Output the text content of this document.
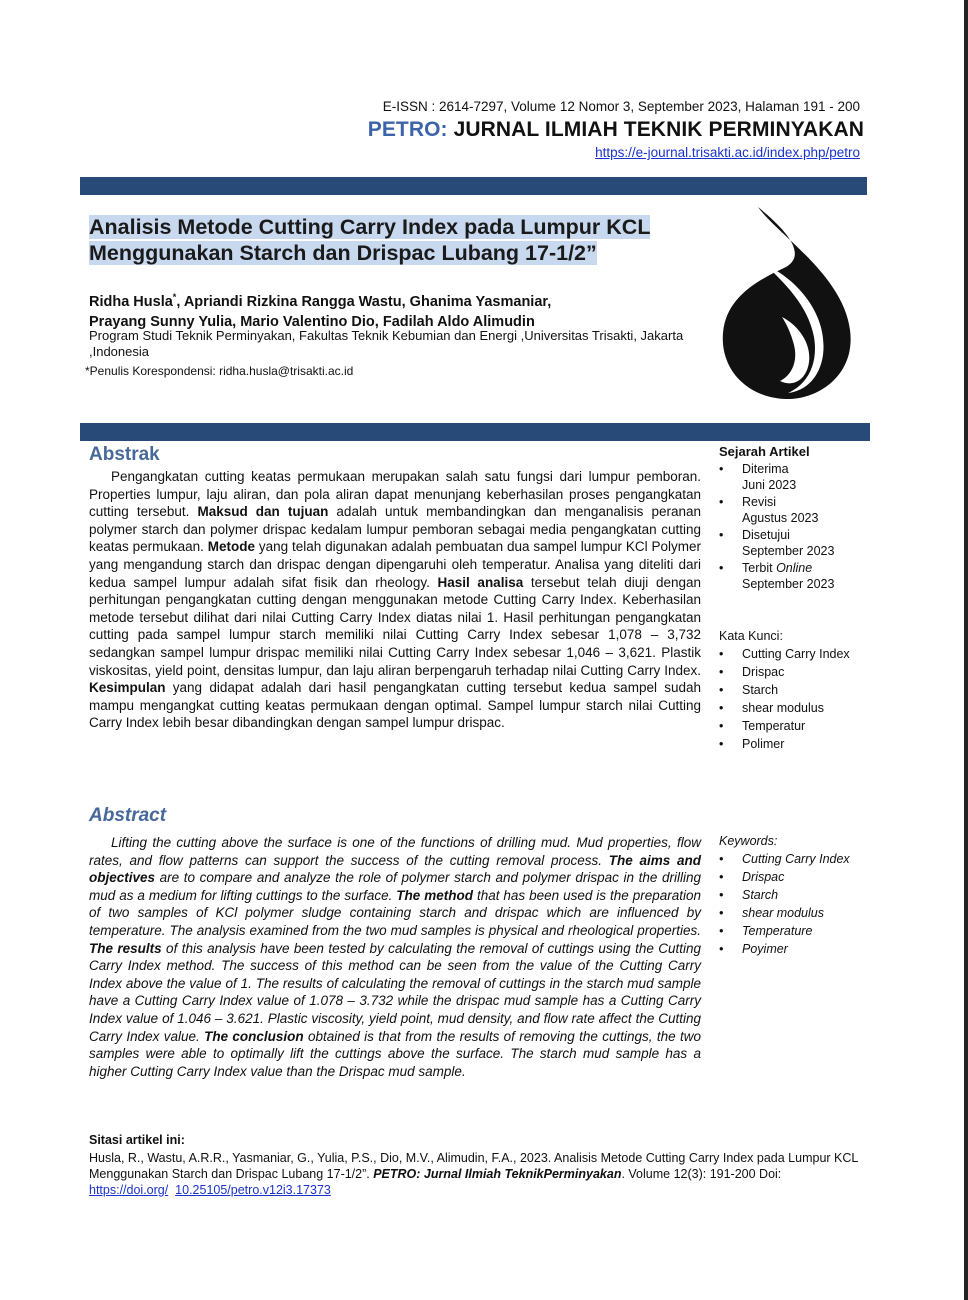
E-ISSN : 2614-7297, Volume 12 Nomor 3, September 2023, Halaman 191 - 200
PETRO: JURNAL ILMIAH TEKNIK PERMINYAKAN
https://e-journal.trisakti.ac.id/index.php/petro
Analisis Metode Cutting Carry Index pada Lumpur KCL
Menggunakan Starch dan Drispac Lubang 17-1/2”
Ridha Husla*, Apriandi Rizkina Rangga Wastu, Ghanima Yasmaniar,
Prayang Sunny Yulia, Mario Valentino Dio, Fadilah Aldo Alimudin
Program Studi Teknik Perminyakan, Fakultas Teknik Kebumian dan Energi ,Universitas Trisakti, Jakarta ,Indonesia
*Penulis Korespondensi: ridha.husla@trisakti.ac.id
Abstrak

Pengangkatan cutting keatas permukaan merupakan salah satu fungsi dari lumpur pemboran. Properties lumpur, laju aliran, dan pola aliran dapat menunjang keberhasilan proses pengangkatan cutting tersebut. Maksud dan tujuan adalah untuk membandingkan dan menganalisis peranan polymer starch dan polymer drispac kedalam lumpur pemboran sebagai media pengangkatan cutting keatas permukaan. Metode yang telah digunakan adalah pembuatan dua sampel lumpur KCl Polymer yang mengandung starch dan drispac dengan dipengaruhi oleh temperatur. Analisa yang diteliti dari kedua sampel lumpur adalah sifat fisik dan rheology. Hasil analisa tersebut telah diuji dengan perhitungan pengangkatan cutting dengan menggunakan metode Cutting Carry Index. Keberhasilan metode tersebut dilihat dari nilai Cutting Carry Index diatas nilai 1. Hasil perhitungan pengangkatan cutting pada sampel lumpur starch memiliki nilai Cutting Carry Index sebesar 1,078 – 3,732 sedangkan sampel lumpur drispac memiliki nilai Cutting Carry Index sebesar 1,046 – 3,621. Plastik viskositas, yield point, densitas lumpur, dan laju aliran berpengaruh terhadap nilai Cutting Carry Index. Kesimpulan yang didapat adalah dari hasil pengangkatan cutting tersebut kedua sampel sudah mampu mengangkat cutting keatas permukaan dengan optimal. Sampel lumpur starch nilai Cutting Carry Index lebih besar dibandingkan dengan sampel lumpur drispac.

Sejarah Artikel
• Diterima
Juni 2023
• Revisi
Agustus 2023
• Disetujui
September 2023
• Terbit Online
September 2023
Kata Kunci:
• Cutting Carry Index
• Drispac
• Starch
• shear modulus
• Temperatur
• Polimer
Abstract

Lifting the cutting above the surface is one of the functions of drilling mud. Mud properties, flow rates, and flow patterns can support the success of the cutting removal process. The aims and objectives are to compare and analyze the role of polymer starch and polymer drispac in the drilling mud as a medium for lifting cuttings to the surface. The method that has been used is the preparation of two samples of KCl polymer sludge containing starch and drispac which are influenced by temperature. The analysis examined from the two mud samples is physical and rheological properties. The results of this analysis have been tested by calculating the removal of cuttings using the Cutting Carry Index method. The success of this method can be seen from the value of the Cutting Carry Index above the value of 1. The results of calculating the removal of cuttings in the starch mud sample have a Cutting Carry Index value of 1.078 – 3.732 while the drispac mud sample has a Cutting Carry Index value of 1.046 – 3.621. Plastic viscosity, yield point, mud density, and flow rate affect the Cutting Carry Index value. The conclusion obtained is that from the results of removing the cuttings, the two samples were able to optimally lift the cuttings above the surface. The starch mud sample has a higher Cutting Carry Index value than the Drispac mud sample.

Keywords:
• Cutting Carry Index
• Drispac
• Starch
• shear modulus
• Temperature
• Poyimer
Sitasi artikel ini:
Husla, R., Wastu, A.R.R., Yasmaniar, G., Yulia, P.S., Dio, M.V., Alimudin, F.A., 2023. Analisis Metode Cutting Carry Index pada Lumpur KCL Menggunakan Starch dan Drispac Lubang 17-1/2”. PETRO: Jurnal Ilmiah TeknikPerminyakan. Volume 12(3): 191-200 Doi:
https://doi.org/ 10.25105/petro.v12i3.17373
